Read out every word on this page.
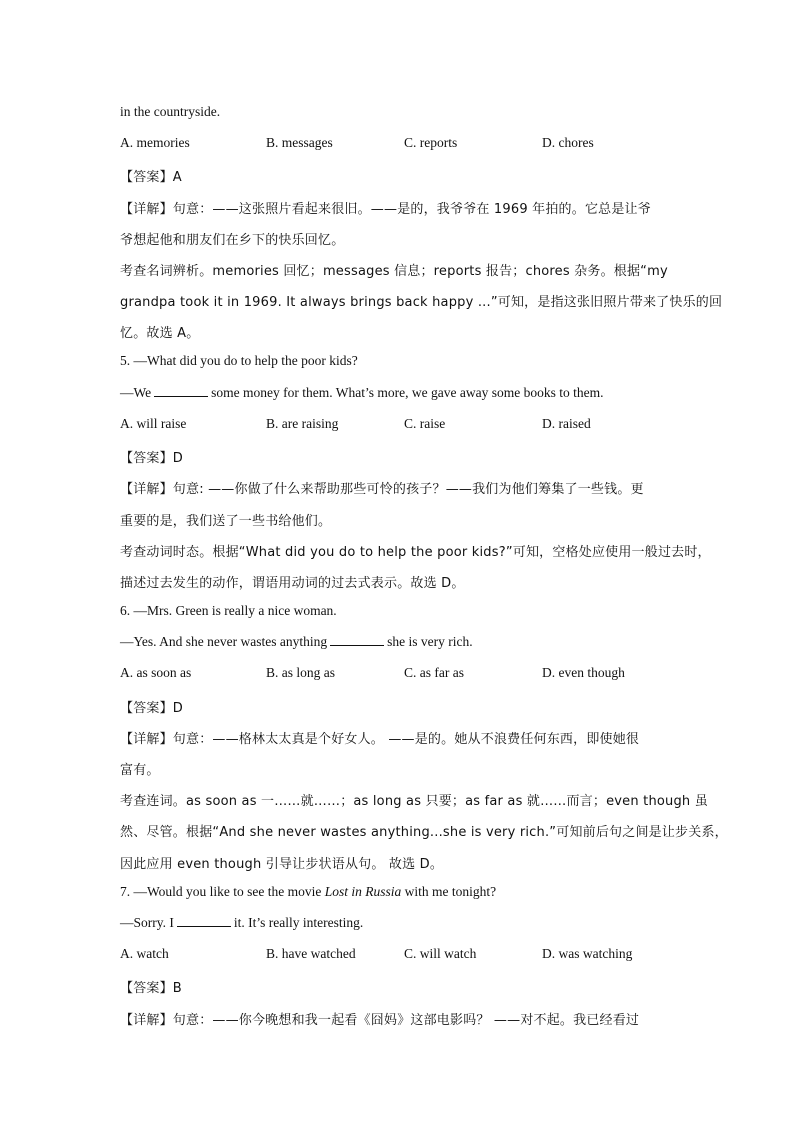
in the countryside.
A. memories	B. messages	C. reports	D. chores
【答案】A
【详解】句意：——这张照片看起来很旧。——是的，我爷爷在 1969 年拍的。它总是让爷
爷想起他和朋友们在乡下的快乐回忆。
考查名词辨析。memories 回忆；messages 信息；reports 报告；chores 杂务。根据“my
grandpa took it in 1969. It always brings back happy ...”可知，是指这张旧照片带来了快乐的回
忆。故选 A。
5. —What did you do to help the poor kids?
—We	some money for them. What’s more, we gave away some books to them.
A. will raise	B. are raising	C. raise	D. raised
【答案】D
【详解】句意: ——你做了什么来帮助那些可怜的孩子？——我们为他们筹集了一些钱。更
重要的是，我们送了一些书给他们。
考查动词时态。根据“What did you do to help the poor kids?”可知，空格处应使用一般过去时，
描述过去发生的动作，谓语用动词的过去式表示。故选 D。
6. —Mrs. Green is really a nice woman.
—Yes. And she never wastes anything	she is very rich.
A. as soon as	B. as long as	C. as far as	D. even though
【答案】D
【详解】句意：——格林太太真是个好女人。 ——是的。她从不浪费任何东西，即使她很
富有。
考查连词。as soon as 一……就……；as long as 只要；as far as 就……而言；even though 虽
然、尽管。根据“And she never wastes anything...she is very rich.”可知前后句之间是让步关系，
因此应用 even though 引导让步状语从句。 故选 D。
7. —Would you like to see the movie Lost in Russia with me tonight?
—Sorry. I	it. It’s really interesting.
A. watch	B. have watched	C. will watch	D. was watching
【答案】B
【详解】句意：——你今晚想和我一起看《囧妈》这部电影吗？ ——对不起。我已经看过
